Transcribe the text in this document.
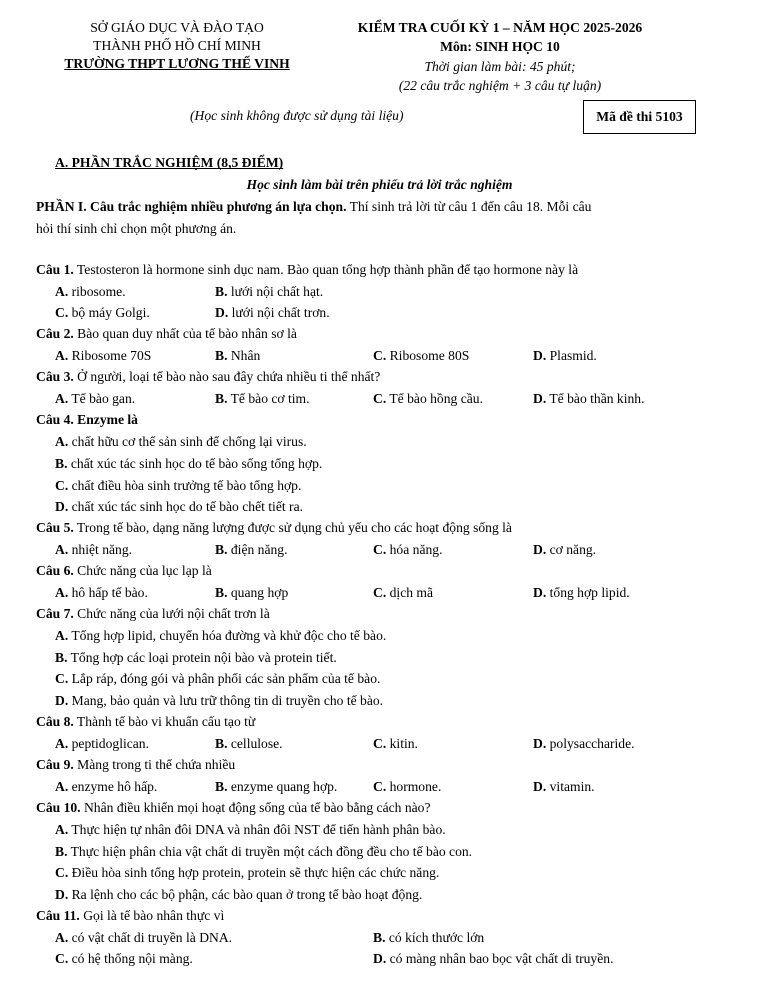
SỞ GIÁO DỤC VÀ ĐÀO TẠO
THÀNH PHỐ HỒ CHÍ MINH
TRƯỜNG THPT LƯƠNG THẾ VINH
KIỂM TRA CUỐI KỲ 1 – NĂM HỌC 2025-2026
Môn: SINH HỌC 10
Thời gian làm bài: 45 phút;
(22 câu trắc nghiệm + 3 câu tự luận)
(Học sinh không được sử dụng tài liệu)	Mã đề thi 5103
A. PHẦN TRẮC NGHIỆM (8,5 ĐIỂM)
Học sinh làm bài trên phiếu trả lời trắc nghiệm
PHẦN I. Câu trắc nghiệm nhiều phương án lựa chọn. Thí sinh trả lời từ câu 1 đến câu 18. Mỗi câu
hỏi thí sinh chỉ chọn một phương án.
Câu 1. Testosteron là hormone sinh dục nam. Bào quan tổng hợp thành phần để tạo hormone này là
A. ribosome.	B. lưới nội chất hạt.
C. bộ máy Golgi.	D. lưới nội chất trơn.
Câu 2. Bào quan duy nhất của tế bào nhân sơ là
A. Ribosome 70S	B. Nhân	C. Ribosome 80S	D. Plasmid.
Câu 3. Ở người, loại tế bào nào sau đây chứa nhiều ti thể nhất?
A. Tế bào gan.	B. Tế bào cơ tim.	C. Tế bào hồng cầu.	D. Tế bào thần kinh.
Câu 4. Enzyme là
A. chất hữu cơ thể sản sinh để chống lại virus.
B. chất xúc tác sinh học do tế bào sống tổng hợp.
C. chất điều hòa sinh trưởng tế bào tổng hợp.
D. chất xúc tác sinh học do tế bào chết tiết ra.
Câu 5. Trong tế bào, dạng năng lượng được sử dụng chủ yếu cho các hoạt động sống là
A. nhiệt năng.	B. điện năng.	C. hóa năng.	D. cơ năng.
Câu 6. Chức năng của lục lạp là
A. hô hấp tế bào.	B. quang hợp	C. dịch mã	D. tổng hợp lipid.
Câu 7. Chức năng của lưới nội chất trơn là
A. Tổng hợp lipid, chuyển hóa đường và khử độc cho tế bào.
B. Tổng hợp các loại protein nội bào và protein tiết.
C. Lắp ráp, đóng gói và phân phối các sản phẩm của tế bào.
D. Mang, bảo quản và lưu trữ thông tin di truyền cho tế bào.
Câu 8. Thành tế bào vi khuẩn cấu tạo từ
A. peptidoglican.	B. cellulose.	C. kitin.	D. polysaccharide.
Câu 9. Màng trong ti thể chứa nhiều
A. enzyme hô hấp.	B. enzyme quang hợp.	C. hormone.	D. vitamin.
Câu 10. Nhân điều khiển mọi hoạt động sống của tế bào bằng cách nào?
A. Thực hiện tự nhân đôi DNA và nhân đôi NST để tiến hành phân bào.
B. Thực hiện phân chia vật chất di truyền một cách đồng đều cho tế bào con.
C. Điều hòa sinh tổng hợp protein, protein sẽ thực hiện các chức năng.
D. Ra lệnh cho các bộ phận, các bào quan ở trong tế bào hoạt động.
Câu 11. Gọi là tế bào nhân thực vì
A. có vật chất di truyền là DNA.	B. có kích thước lớn
C. có hệ thống nội màng.	D. có màng nhân bao bọc vật chất di truyền.
